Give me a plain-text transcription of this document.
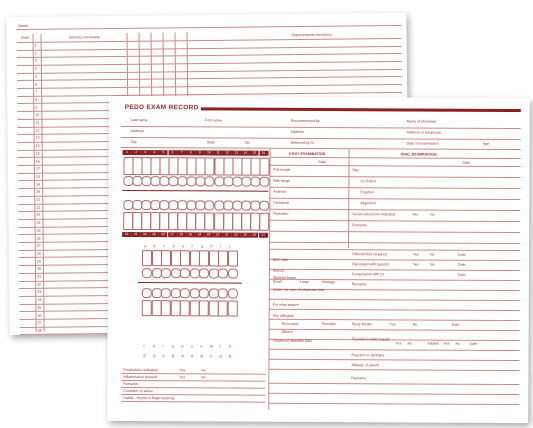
Name
Tooth	Services necessary
Replacements necessary
1
2
3
4
5
6
7
8
9
10
11
12
13
14
15
16
17
18
19
20
21
22
23
24
25
26
27
28
29
30
31
32
33
34
35
36
37
38
PEDO EXAM RECORD
Last name	First name	Recommended by	Name of physician
Address	Address	Address or telephone
City	State	Zip	Referred by Dr.	Date of examination	Age
1	2	3	4	5	6	7	8	9	10	11	12	13	14	15	16
32	31	30	29	28	27	26	25	24	23	22	21	20	19	18	17
a b c d e f g h i j
t s r q p o n m l k
E D C B A A B C D E
Prophylaxis indicated	Yes	No
Inflammation present	Yes	No
Remarks:
Condition of saliva
Habits - thumb or finger sucking
X-RAY EXAMINATION	ORAL EXAMINATION
Date	Date
Full mouth
Bite wings
Anterior
Periapical
Remarks:
Bite:
Occlusion
Eruption
Alignment
Serial extractions indicated	Yes	No
Remarks:
Birth date
School
Skeletal frame
Small	Large	Average
Under the care of physician now
For what reason
Any allergies:
Novocaine	Penicillin
Others
Childhood diseases (list)
Orthodontics required	Yes	No	Date
Discussed with parents	Yes	No	Date
Consultation with Dr.	Date
Remarks:
Study Model	Yes	No	Date
Fluoride in water supply
Yes No	Tablets Yes No	Date
Reaction to dentistry
Attitude of parent
Remarks
